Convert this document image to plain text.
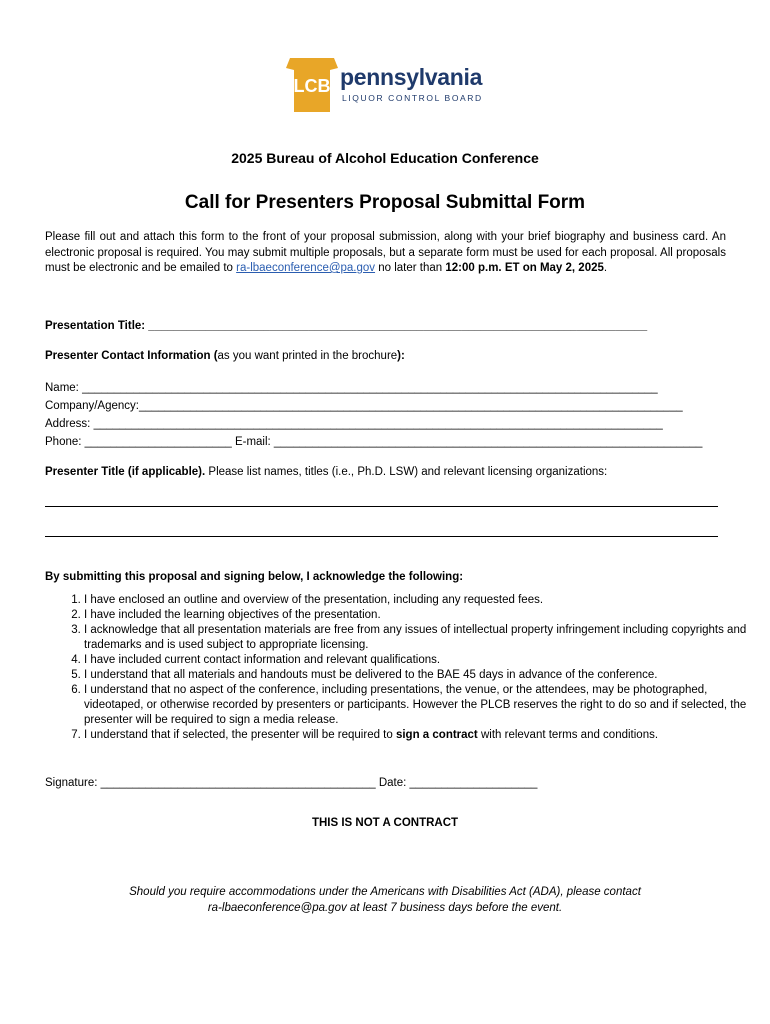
LCB pennsylvania
LIQUOR CONTROL BOARD
2025 Bureau of Alcohol Education Conference
Call for Presenters Proposal Submittal Form
Please fill out and attach this form to the front of your proposal submission, along with your brief biography and business card. An electronic proposal is required. You may submit multiple proposals, but a separate form must be used for each proposal. All proposals must be electronic and be emailed to ra-lbaeconference@pa.gov no later than 12:00 p.m. ET on May 2, 2025.
Presentation Title: ______________________________________________________________________________
Presenter Contact Information (as you want printed in the brochure):
Name: __________________________________________________________________________________________
Company/Agency:_____________________________________________________________________________________
Address: _________________________________________________________________________________________
Phone: _______________________ E-mail: ___________________________________________________________________
Presenter Title (if applicable). Please list names, titles (i.e., Ph.D. LSW) and relevant licensing organizations:
By submitting this proposal and signing below, I acknowledge the following:
1. I have enclosed an outline and overview of the presentation, including any requested fees.
2. I have included the learning objectives of the presentation.
3. I acknowledge that all presentation materials are free from any issues of intellectual property infringement including copyrights and trademarks and is used subject to appropriate licensing.
4. I have included current contact information and relevant qualifications.
5. I understand that all materials and handouts must be delivered to the BAE 45 days in advance of the conference.
6. I understand that no aspect of the conference, including presentations, the venue, or the attendees, may be photographed, videotaped, or otherwise recorded by presenters or participants. However the PLCB reserves the right to do so and if selected, the presenter will be required to sign a media release.
7. I understand that if selected, the presenter will be required to sign a contract with relevant terms and conditions.
Signature: ___________________________________________ Date: ____________________
THIS IS NOT A CONTRACT
Should you require accommodations under the Americans with Disabilities Act (ADA), please contact
ra-lbaeconference@pa.gov at least 7 business days before the event.
